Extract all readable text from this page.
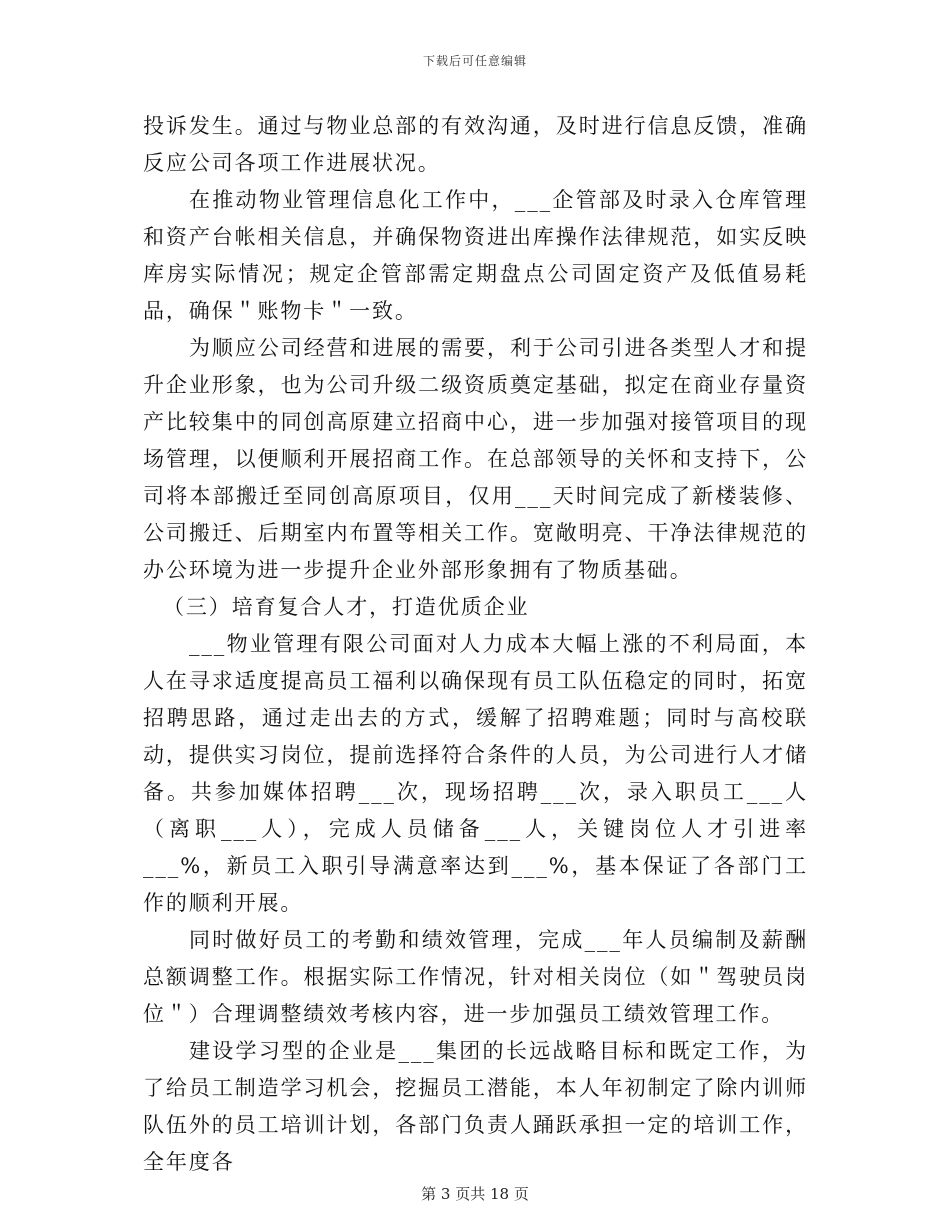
下载后可任意编辑

投诉发生。通过与物业总部的有效沟通，及时进行信息反馈，准确反应公司各项工作进展状况。

在推动物业管理信息化工作中，___企管部及时录入仓库管理和资产台帐相关信息，并确保物资进出库操作法律规范，如实反映库房实际情况；规定企管部需定期盘点公司固定资产及低值易耗品，确保＂账物卡＂一致。

为顺应公司经营和进展的需要，利于公司引进各类型人才和提升企业形象，也为公司升级二级资质奠定基础，拟定在商业存量资产比较集中的同创高原建立招商中心，进一步加强对接管项目的现场管理，以便顺利开展招商工作。在总部领导的关怀和支持下，公司将本部搬迁至同创高原项目，仅用___天时间完成了新楼装修、公司搬迁、后期室内布置等相关工作。宽敞明亮、干净法律规范的办公环境为进一步提升企业外部形象拥有了物质基础。

（三）培育复合人才，打造优质企业

___物业管理有限公司面对人力成本大幅上涨的不利局面，本人在寻求适度提高员工福利以确保现有员工队伍稳定的同时，拓宽招聘思路，通过走出去的方式，缓解了招聘难题；同时与高校联动，提供实习岗位，提前选择符合条件的人员，为公司进行人才储备。共参加媒体招聘___次，现场招聘___次，录入职员工___人（离职___人），完成人员储备___人，关键岗位人才引进率___%，新员工入职引导满意率达到___%，基本保证了各部门工作的顺利开展。

同时做好员工的考勤和绩效管理，完成___年人员编制及薪酬总额调整工作。根据实际工作情况，针对相关岗位（如＂驾驶员岗位＂）合理调整绩效考核内容，进一步加强员工绩效管理工作。

建设学习型的企业是___集团的长远战略目标和既定工作，为了给员工制造学习机会，挖掘员工潜能，本人年初制定了除内训师队伍外的员工培训计划，各部门负责人踊跃承担一定的培训工作，全年度各

第 3 页共 18 页
